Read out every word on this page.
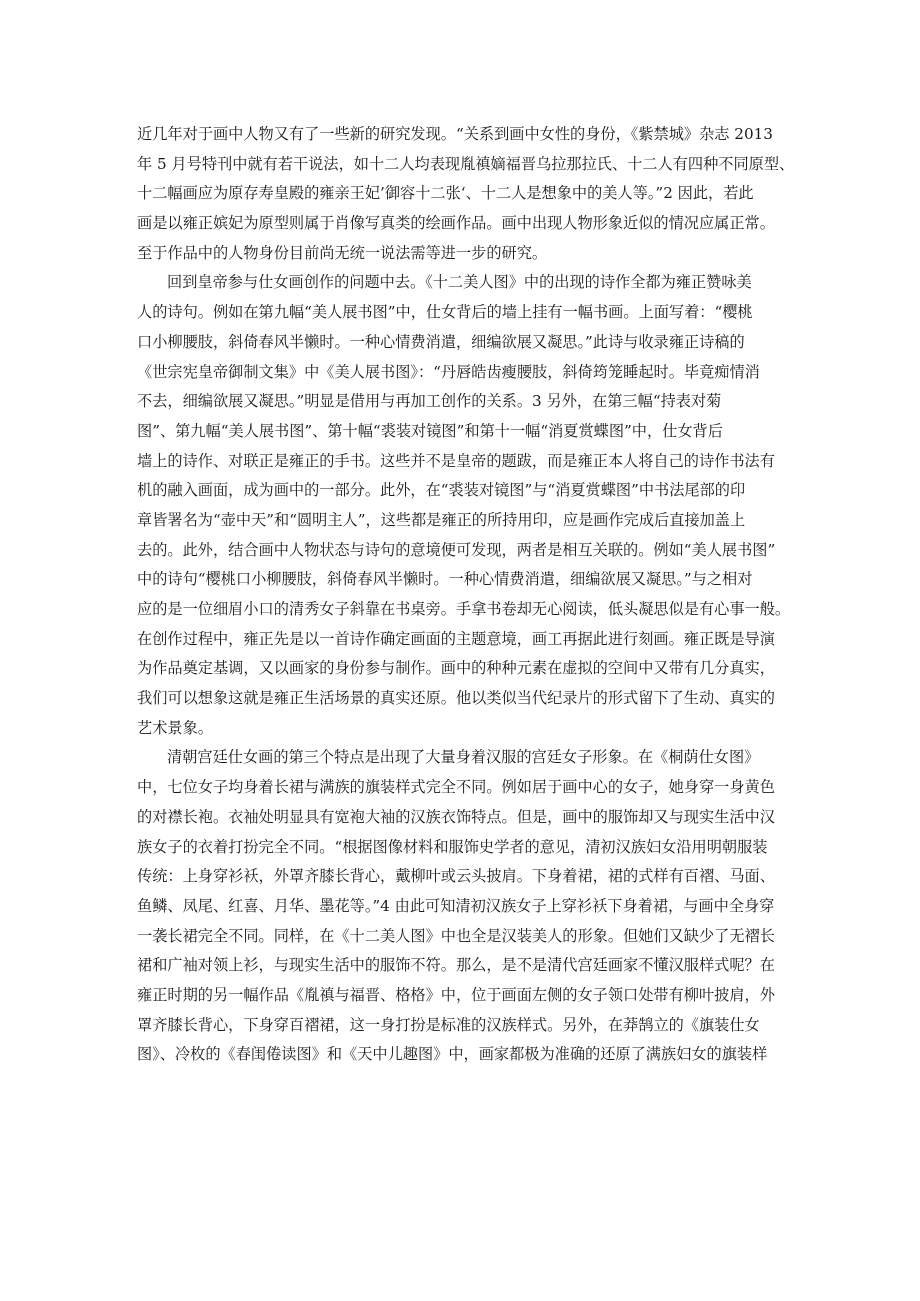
近几年对于画中人物又有了一些新的研究发现。“关系到画中女性的身份，《紫禁城》杂志 2013
年 5 月号特刊中就有若干说法，如十二人均表现胤禛嫡福晋乌拉那拉氏、十二人有四种不同原型、
十二幅画应为原存寿皇殿的雍亲王妃’御容十二张‘、十二人是想象中的美人等。”2 因此，若此
画是以雍正嫔妃为原型则属于肖像写真类的绘画作品。画中出现人物形象近似的情况应属正常。
至于作品中的人物身份目前尚无统一说法需等进一步的研究。

回到皇帝参与仕女画创作的问题中去。《十二美人图》中的出现的诗作全都为雍正赞咏美
人的诗句。例如在第九幅“美人展书图”中，仕女背后的墙上挂有一幅书画。上面写着：“樱桃
口小柳腰肢，斜倚春风半懒时。一种心情费消遣，细编欲展又凝思。”此诗与收录雍正诗稿的
《世宗宪皇帝御制文集》中《美人展书图》：“丹唇皓齿瘦腰肢，斜倚筠笼睡起时。毕竟痴情消
不去，细编欲展又凝思。”明显是借用与再加工创作的关系。3 另外，在第三幅“持表对菊
图”、第九幅“美人展书图”、第十幅“裘装对镜图”和第十一幅“消夏赏蝶图”中，仕女背后
墙上的诗作、对联正是雍正的手书。这些并不是皇帝的题跋，而是雍正本人将自己的诗作书法有
机的融入画面，成为画中的一部分。此外，在“裘装对镜图”与“消夏赏蝶图”中书法尾部的印
章皆署名为“壶中天”和“圆明主人”，这些都是雍正的所持用印，应是画作完成后直接加盖上
去的。此外，结合画中人物状态与诗句的意境便可发现，两者是相互关联的。例如“美人展书图”
中的诗句“樱桃口小柳腰肢，斜倚春风半懒时。一种心情费消遣，细编欲展又凝思。”与之相对
应的是一位细眉小口的清秀女子斜靠在书桌旁。手拿书卷却无心阅读，低头凝思似是有心事一般。
在创作过程中，雍正先是以一首诗作确定画面的主题意境，画工再据此进行刻画。雍正既是导演
为作品奠定基调，又以画家的身份参与制作。画中的种种元素在虚拟的空间中又带有几分真实，
我们可以想象这就是雍正生活场景的真实还原。他以类似当代纪录片的形式留下了生动、真实的
艺术景象。

清朝宫廷仕女画的第三个特点是出现了大量身着汉服的宫廷女子形象。在《桐荫仕女图》
中，七位女子均身着长裙与满族的旗装样式完全不同。例如居于画中心的女子，她身穿一身黄色
的对襟长袍。衣袖处明显具有宽袍大袖的汉族衣饰特点。但是，画中的服饰却又与现实生活中汉
族女子的衣着打扮完全不同。“根据图像材料和服饰史学者的意见，清初汉族妇女沿用明朝服装
传统：上身穿衫袄，外罩齐膝长背心，戴柳叶或云头披肩。下身着裙，裙的式样有百褶、马面、
鱼鳞、凤尾、红喜、月华、墨花等。”4 由此可知清初汉族女子上穿衫袄下身着裙，与画中全身穿
一袭长裙完全不同。同样，在《十二美人图》中也全是汉装美人的形象。但她们又缺少了无褶长
裙和广袖对领上衫，与现实生活中的服饰不符。那么，是不是清代宫廷画家不懂汉服样式呢？在
雍正时期的另一幅作品《胤禛与福晋、格格》中，位于画面左侧的女子领口处带有柳叶披肩，外
罩齐膝长背心，下身穿百褶裙，这一身打扮是标准的汉族样式。另外，在莽鹄立的《旗装仕女
图》、冷枚的《春闺倦读图》和《天中儿趣图》中，画家都极为准确的还原了满族妇女的旗装样
